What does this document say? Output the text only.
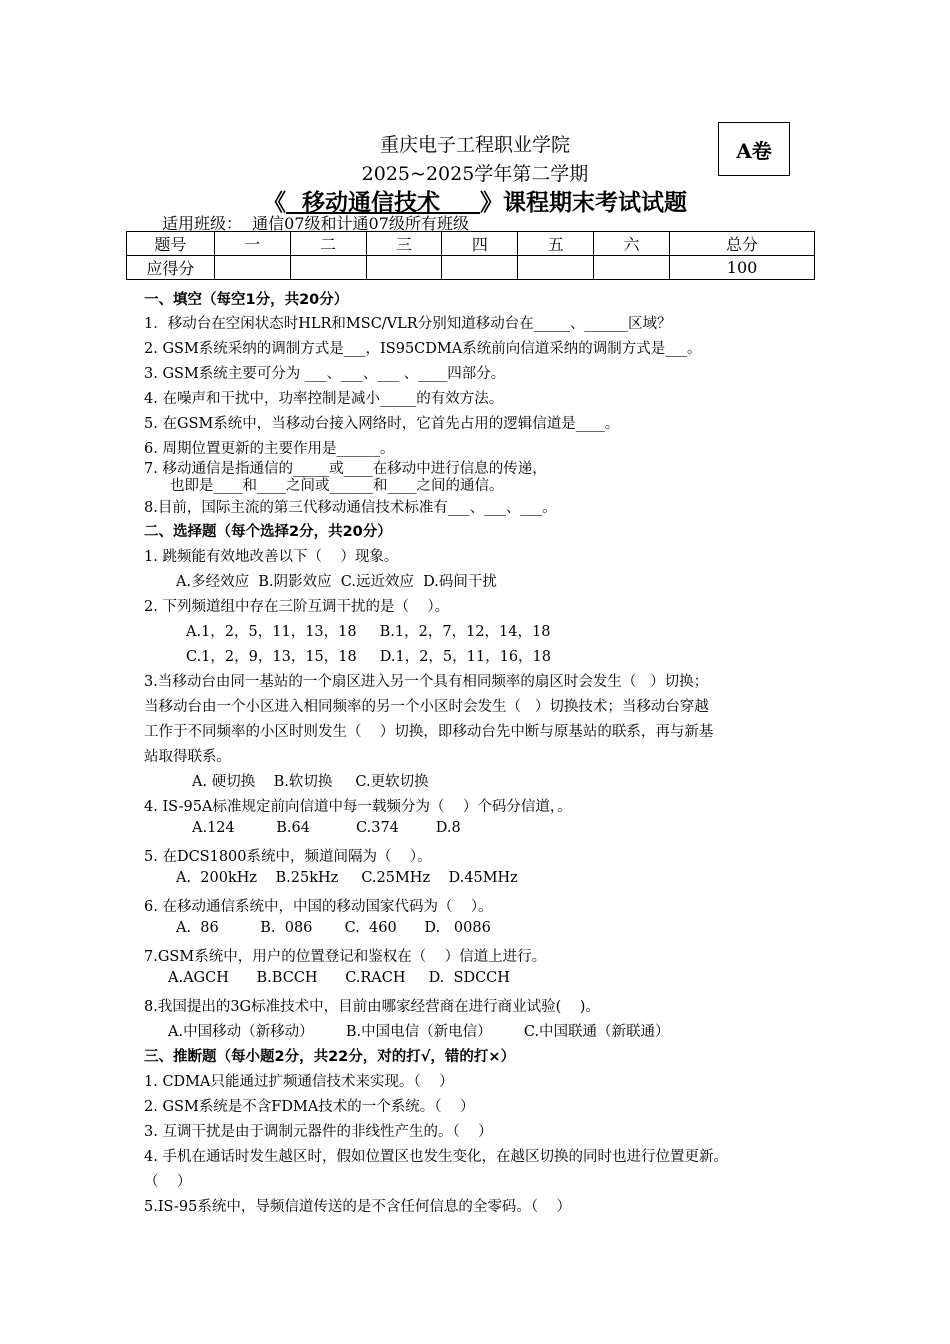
重庆电子工程职业学院
2025~2025学年第二学期
《  移动通信技术     》课程期末考试试题
A卷
适用班级：  通信07级和计通07级所有班级
题号	一	二	三	四	五	六	总分
应得分							100
一、填空（每空1分，共20分）
1．移动台在空闲状态时HLR和MSC/VLR分别知道移动台在_____、______区域？
2. GSM系统采纳的调制方式是___，IS95CDMA系统前向信道采纳的调制方式是___。
3. GSM系统主要可分为 ___、___、___ 、____四部分。
4. 在噪声和干扰中，功率控制是减小_____的有效方法。
5. 在GSM系统中，当移动台接入网络时，它首先占用的逻辑信道是____。
6. 周期位置更新的主要作用是______。
7. 移动通信是指通信的_____或____在移动中进行信息的传递，
也即是____和____之间或______和____之间的通信。
8.目前，国际主流的第三代移动通信技术标准有___、___、___。
二、选择题（每个选择2分，共20分）
1. 跳频能有效地改善以下（    ）现象。
A.多经效应  B.阴影效应  C.远近效应  D.码间干扰
2. 下列频道组中存在三阶互调干扰的是（    ）。
A.1，2，5，11，13，18     B.1，2，7，12，14，18
C.1，2，9，13，15，18     D.1，2，5，11，16，18
3.当移动台由同一基站的一个扇区进入另一个具有相同频率的扇区时会发生（   ）切换；
当移动台由一个小区进入相同频率的另一个小区时会发生（   ）切换技术；当移动台穿越
工作于不同频率的小区时则发生（    ）切换，即移动台先中断与原基站的联系，再与新基
站取得联系。
A. 硬切换    B.软切换     C.更软切换
4. IS-95A标准规定前向信道中每一载频分为（    ）个码分信道，。
A.124         B.64          C.374        D.8
5. 在DCS1800系统中，频道间隔为（    ）。
A.  200kHz    B.25kHz     C.25MHz    D.45MHz
6. 在移动通信系统中，中国的移动国家代码为（    ）。
A.  86         B.  086       C.  460      D.   0086
7.GSM系统中，用户的位置登记和鉴权在（    ）信道上进行。
A.AGCH      B.BCCH      C.RACH     D.  SDCCH
8.我国提出的3G标准技术中，目前由哪家经营商在进行商业试验(    )。
A.中国移动（新移动）       B.中国电信（新电信）       C.中国联通（新联通）
三、推断题（每小题2分，共22分，对的打√，错的打×）
1. CDMA只能通过扩频通信技术来实现。（    ）
2. GSM系统是不含FDMA技术的一个系统。（    ）
3. 互调干扰是由于调制元器件的非线性产生的。（    ）
4. 手机在通话时发生越区时，假如位置区也发生变化，在越区切换的同时也进行位置更新。
（    ）
5.IS-95系统中，导频信道传送的是不含任何信息的全零码。（    ）
